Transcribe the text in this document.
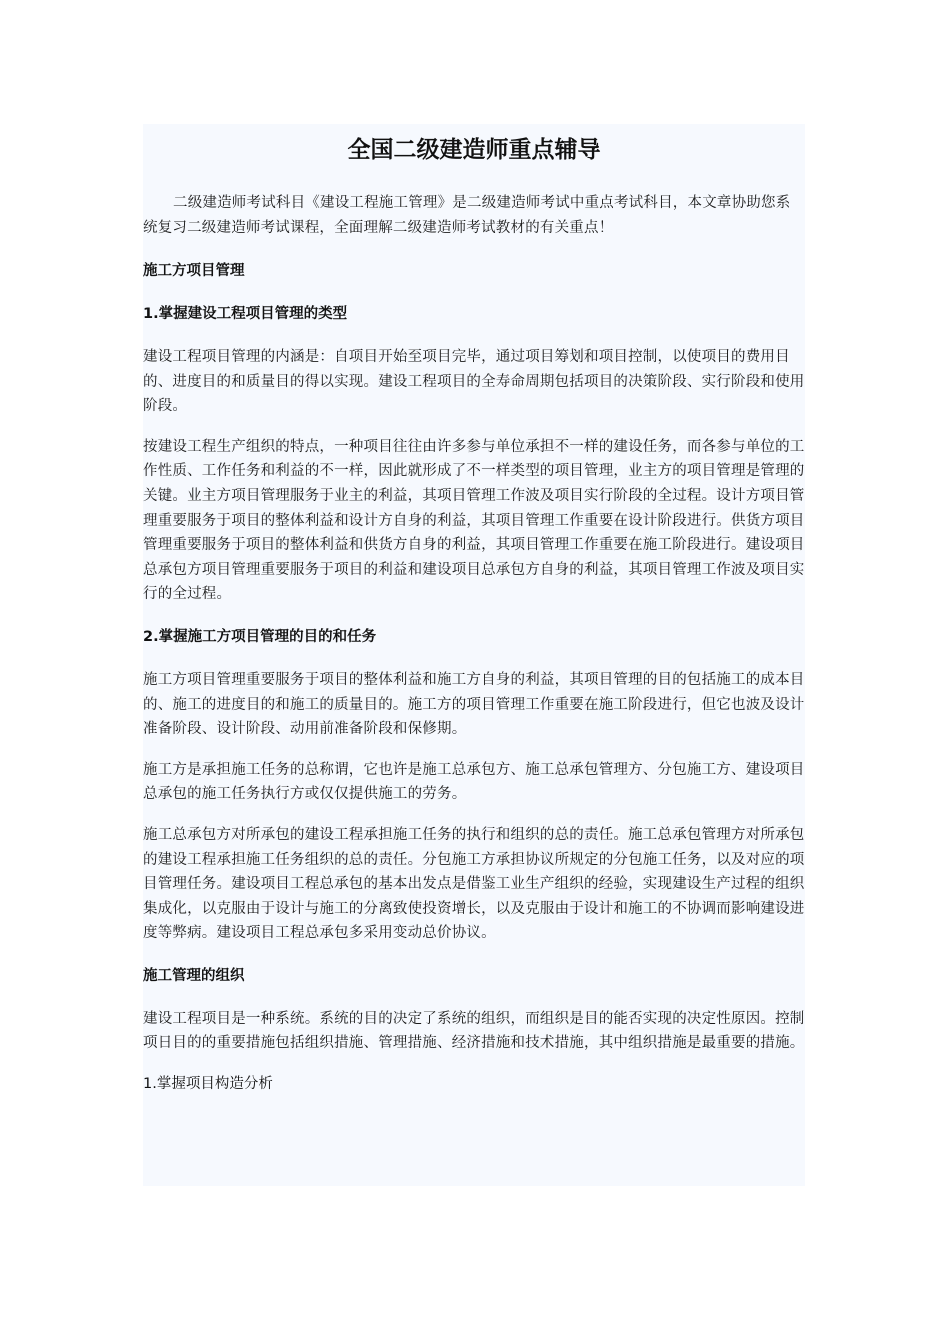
全国二级建造师重点辅导

二级建造师考试科目《建设工程施工管理》是二级建造师考试中重点考试科目，本文章协助您系统复习二级建造师考试课程，全面理解二级建造师考试教材的有关重点！

施工方项目管理
1.掌握建设工程项目管理的类型

建设工程项目管理的内涵是：自项目开始至项目完毕，通过项目筹划和项目控制，以使项目的费用目的、进度目的和质量目的得以实现。建设工程项目的全寿命周期包括项目的决策阶段、实行阶段和使用阶段。

按建设工程生产组织的特点，一种项目往往由许多参与单位承担不一样的建设任务，而各参与单位的工作性质、工作任务和利益的不一样，因此就形成了不一样类型的项目管理，业主方的项目管理是管理的关键。业主方项目管理服务于业主的利益，其项目管理工作波及项目实行阶段的全过程。设计方项目管理重要服务于项目的整体利益和设计方自身的利益，其项目管理工作重要在设计阶段进行。供货方项目管理重要服务于项目的整体利益和供货方自身的利益，其项目管理工作重要在施工阶段进行。建设项目总承包方项目管理重要服务于项目的利益和建设项目总承包方自身的利益，其项目管理工作波及项目实行的全过程。

2.掌握施工方项目管理的目的和任务

施工方项目管理重要服务于项目的整体利益和施工方自身的利益，其项目管理的目的包括施工的成本目的、施工的进度目的和施工的质量目的。施工方的项目管理工作重要在施工阶段进行，但它也波及设计准备阶段、设计阶段、动用前准备阶段和保修期。

施工方是承担施工任务的总称谓，它也许是施工总承包方、施工总承包管理方、分包施工方、建设项目总承包的施工任务执行方或仅仅提供施工的劳务。

施工总承包方对所承包的建设工程承担施工任务的执行和组织的总的责任。施工总承包管理方对所承包的建设工程承担施工任务组织的总的责任。分包施工方承担协议所规定的分包施工任务，以及对应的项目管理任务。建设项目工程总承包的基本出发点是借鉴工业生产组织的经验，实现建设生产过程的组织集成化，以克服由于设计与施工的分离致使投资增长，以及克服由于设计和施工的不协调而影响建设进度等弊病。建设项目工程总承包多采用变动总价协议。

施工管理的组织

建设工程项目是一种系统。系统的目的决定了系统的组织，而组织是目的能否实现的决定性原因。控制项日目的的重要措施包括组织措施、管理措施、经济措施和技术措施，其中组织措施是最重要的措施。

1.掌握项目构造分析
